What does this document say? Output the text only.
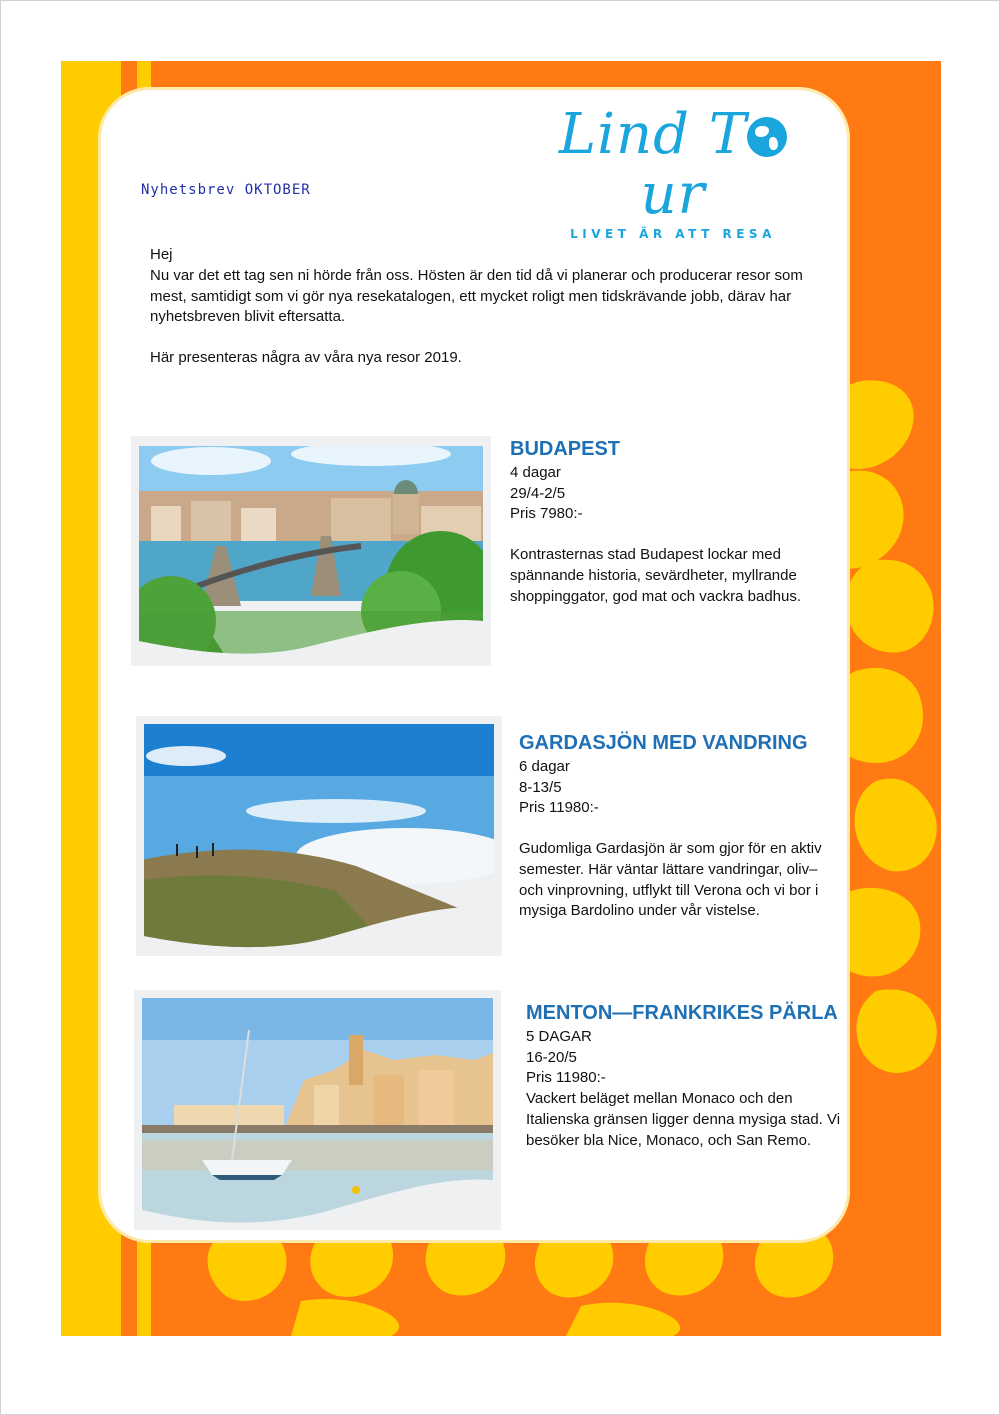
Lind Tur
LIVET ÄR ATT RESA
Nyhetsbrev OKTOBER

Hej

Nu var det ett tag sen ni hörde från oss. Hösten är den tid då vi planerar och producerar resor som mest, samtidigt som vi gör nya resekatalogen, ett mycket roligt men tidskrävande jobb, därav har nyhetsbreven blivit eftersatta.

Här presenteras några av våra nya resor 2019.

BUDAPEST

4 dagar

29/4-2/5

Pris 7980:-

Kontrasternas stad Budapest lockar med spännande historia, sevärdheter, myllrande shoppinggator, god mat och vackra badhus.

GARDASJÖN MED VANDRING

6 dagar

8-13/5

Pris 11980:-

Gudomliga Gardasjön är som gjor för en aktiv semester. Här väntar lättare vandringar, oliv– och vinprovning, utflykt till Verona och vi bor i mysiga Bardolino under vår vistelse.

MENTON—FRANKRIKES PÄRLA

5 DAGAR

16-20/5

Pris 11980:-

Vackert beläget mellan Monaco och den Italienska gränsen ligger denna mysiga stad. Vi besöker bla Nice, Monaco, och San Remo.
